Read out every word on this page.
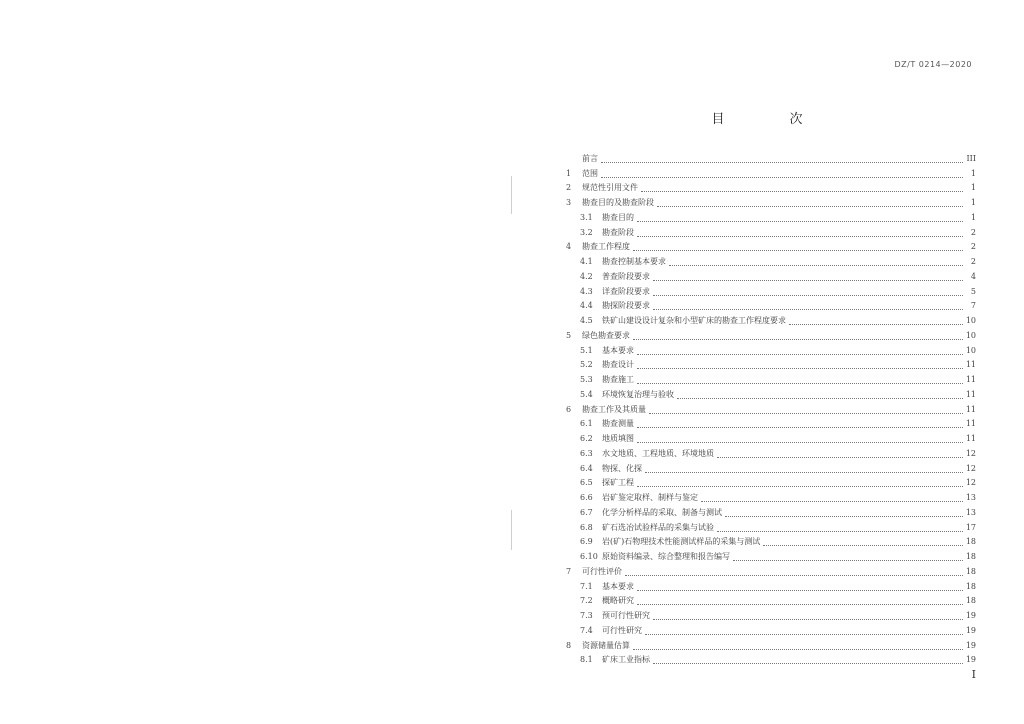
DZ/T 0214—2020
目　次
前言	III
1	范围	1
2	规范性引用文件	1
3	勘查目的及勘查阶段	1
3.1	勘查目的	1
3.2	勘查阶段	2
4	勘查工作程度	2
4.1	勘查控制基本要求	2
4.2	普查阶段要求	4
4.3	详查阶段要求	5
4.4	勘探阶段要求	7
4.5	铁矿山建设设计复杂和小型矿床的勘查工作程度要求	10
5	绿色勘查要求	10
5.1	基本要求	10
5.2	勘查设计	11
5.3	勘查施工	11
5.4	环境恢复治理与验收	11
6	勘查工作及其质量	11
6.1	勘查测量	11
6.2	地质填图	11
6.3	水文地质、工程地质、环境地质	12
6.4	物探、化探	12
6.5	探矿工程	12
6.6	岩矿鉴定取样、制样与鉴定	13
6.7	化学分析样品的采取、制备与测试	13
6.8	矿石选冶试验样品的采集与试验	17
6.9	岩(矿)石物理技术性能测试样品的采集与测试	18
6.10 原始资料编录、综合整理和报告编写	18
7	可行性评价	18
7.1	基本要求	18
7.2	概略研究	18
7.3	预可行性研究	19
7.4	可行性研究	19
8	资源储量估算	19
8.1	矿床工业指标	19
I
